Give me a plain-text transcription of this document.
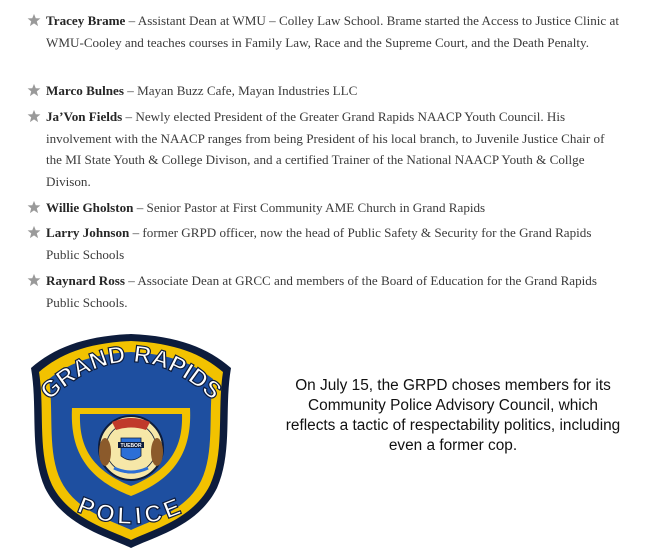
Tracey Brame – Assistant Dean at WMU – Colley Law School. Brame started the Access to Justice Clinic at WMU-Cooley and teaches courses in Family Law, Race and the Supreme Court, and the Death Penalty.
Marco Bulnes – Mayan Buzz Cafe, Mayan Industries LLC
Ja’Von Fields – Newly elected President of the Greater Grand Rapids NAACP Youth Council. His involvement with the NAACP ranges from being President of his local branch, to Juvenile Justice Chair of the MI State Youth & College Divison, and a certified Trainer of the National NAACP Youth & Collge Divison.
Willie Gholston – Senior Pastor at First Community AME Church in Grand Rapids
Larry Johnson – former GRPD officer, now the head of Public Safety & Security for the Grand Rapids Public Schools
Raynard Ross – Associate Dean at GRCC and members of the Board of Education for the Grand Rapids Public Schools.
GRAND RAPIDS
TUEBOR
POLICE
On July 15, the GRPD choses members for its Community Police Advisory Council, which reflects a tactic of respectability politics, including even a former cop.
